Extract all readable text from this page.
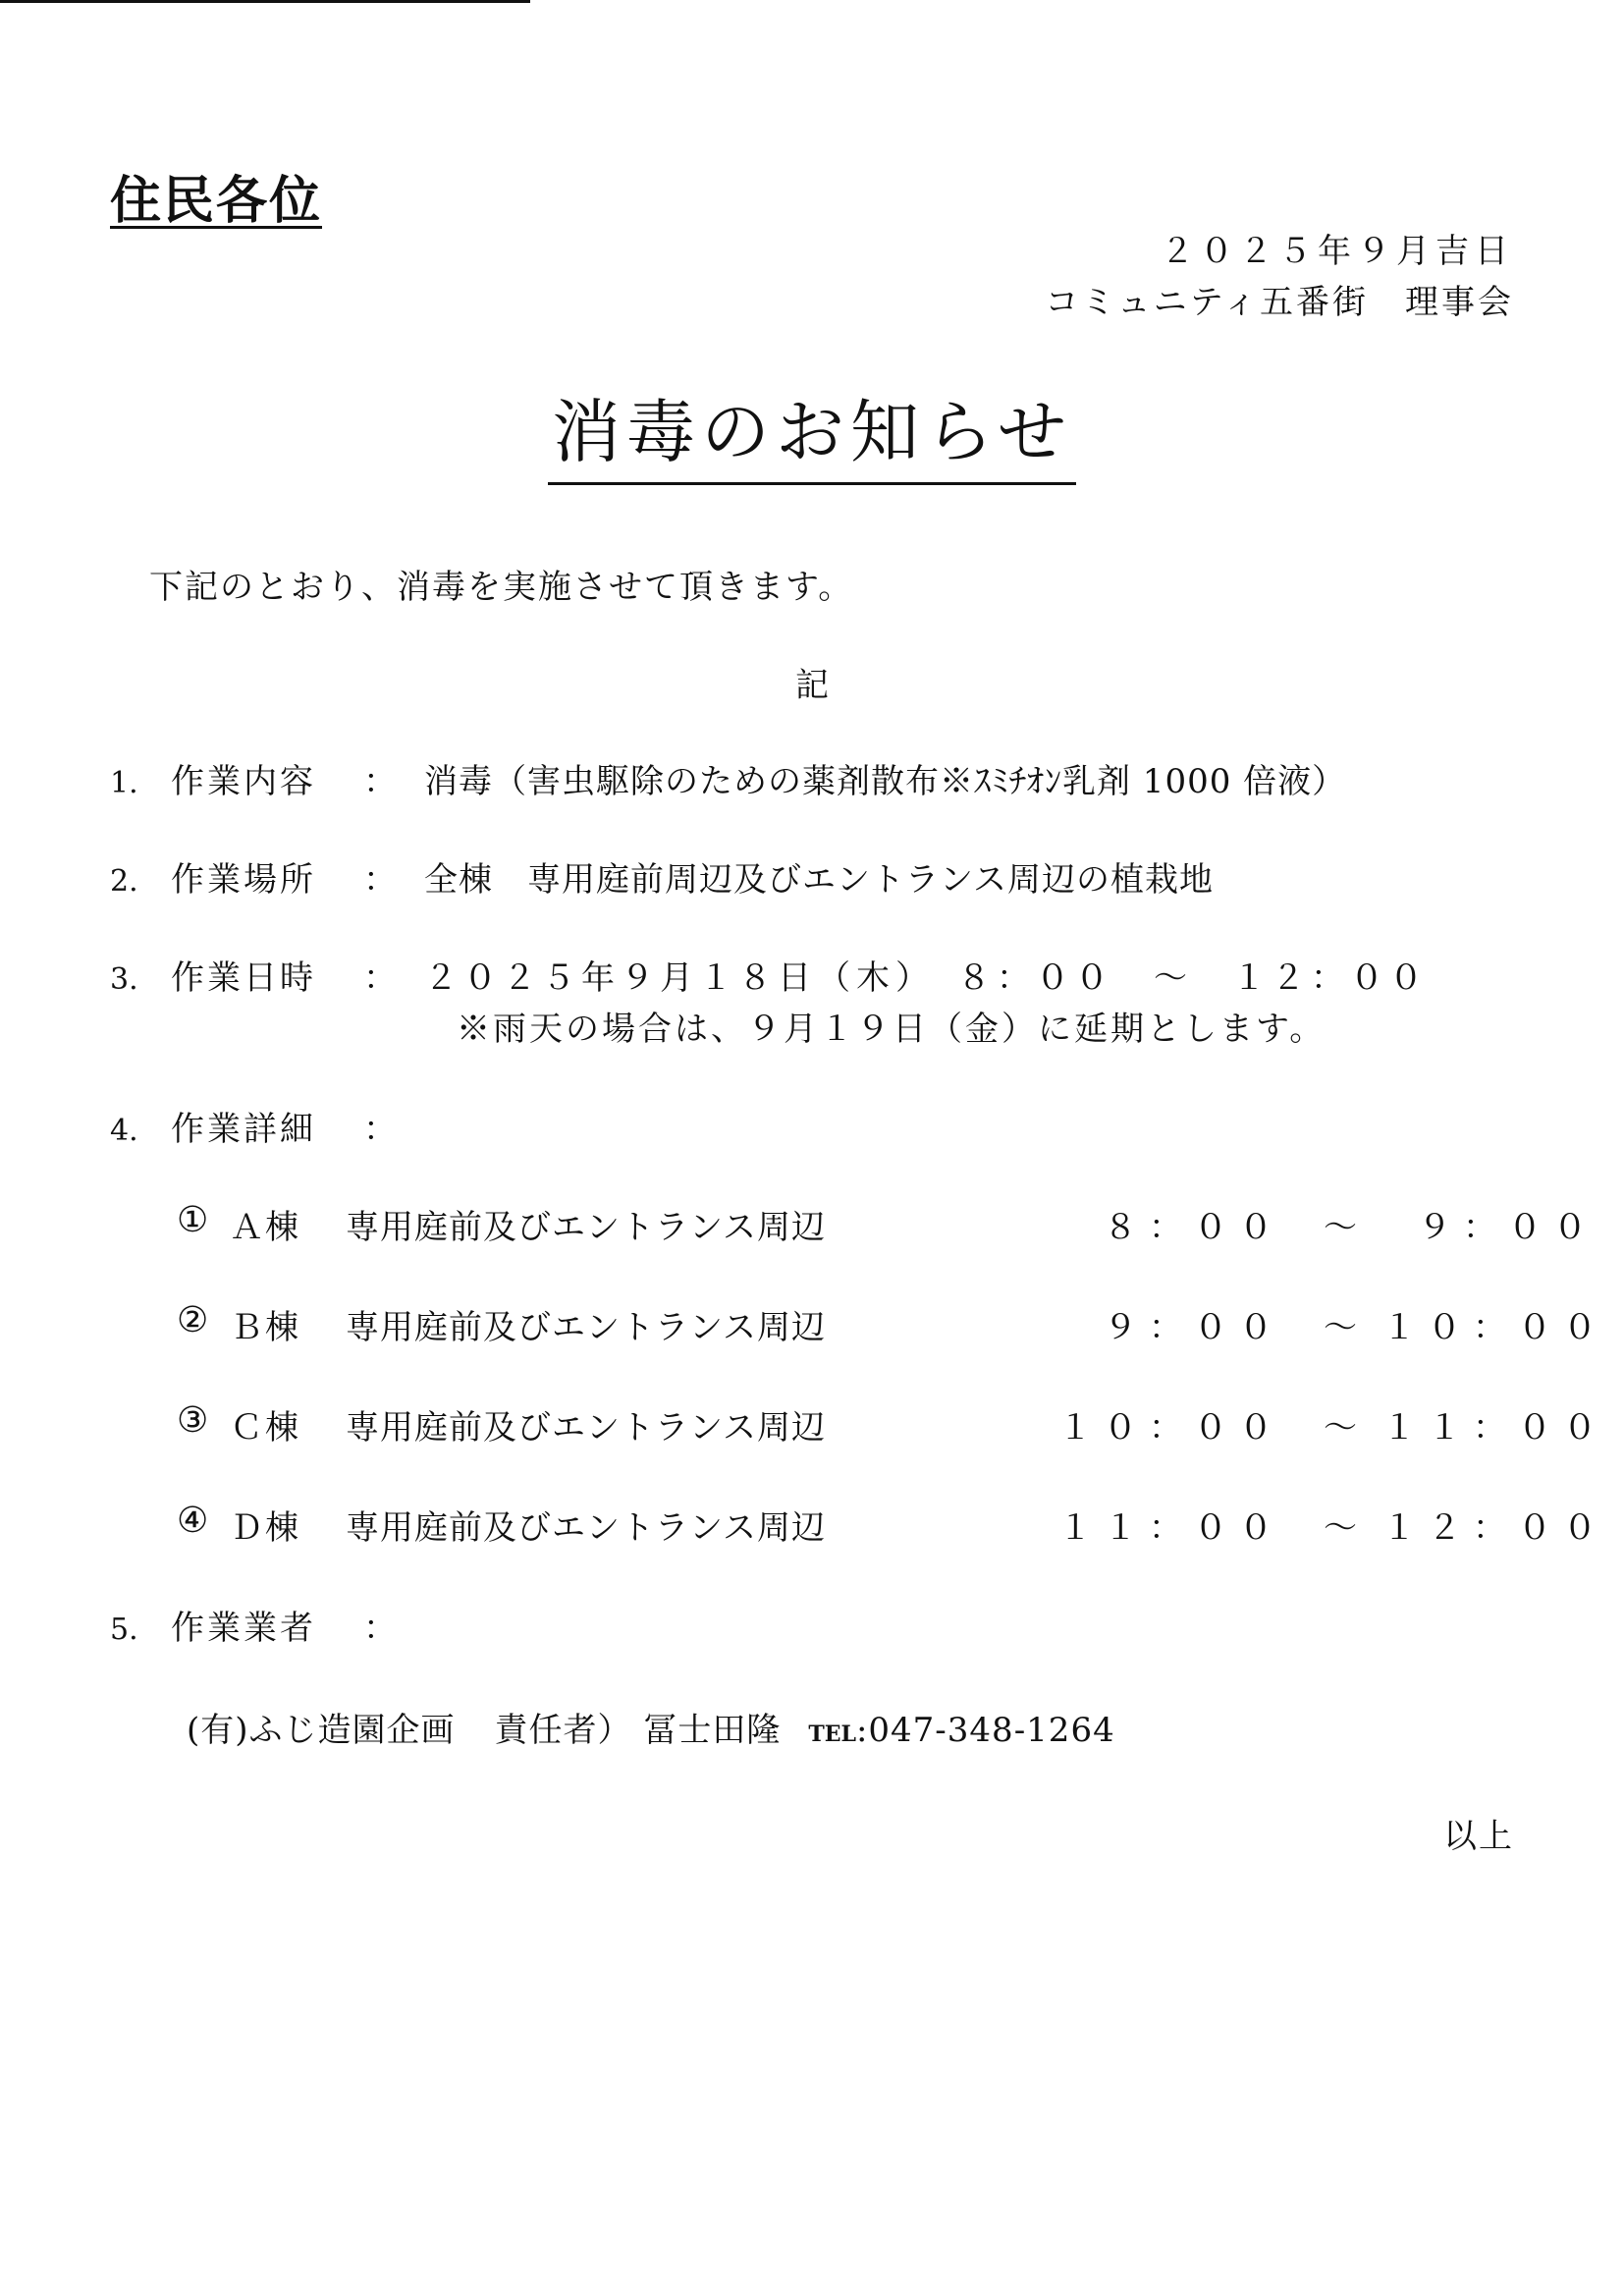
住民各位
２０２５年９月吉日
コミュニティ五番街　理事会
消毒のお知らせ
下記のとおり、消毒を実施させて頂きます。
記
1. 作業内容 ： 消毒（害虫駆除のための薬剤散布※ｽﾐﾁｵﾝ乳剤 1000 倍液）
2. 作業場所 ： 全棟　専用庭前周辺及びエントランス周辺の植栽地
3. 作業日時 ： ２０２５年９月１８日（木）　８：００　～　１２：００
※雨天の場合は、９月１９日（金）に延期とします。
4. 作業詳細 ：
① Ａ棟 専用庭前及びエントランス周辺	８：００ ～	９：００
② Ｂ棟 専用庭前及びエントランス周辺	９：００ ～ １０：００
③ Ｃ棟 専用庭前及びエントランス周辺	１０：００ ～ １１：００
④ Ｄ棟 専用庭前及びエントランス周辺	１１：００ ～ １２：００
5. 作業業者 ：
(有)ふじ造園企画 責任者） 冨士田隆 TEL:047-348-1264
以上
